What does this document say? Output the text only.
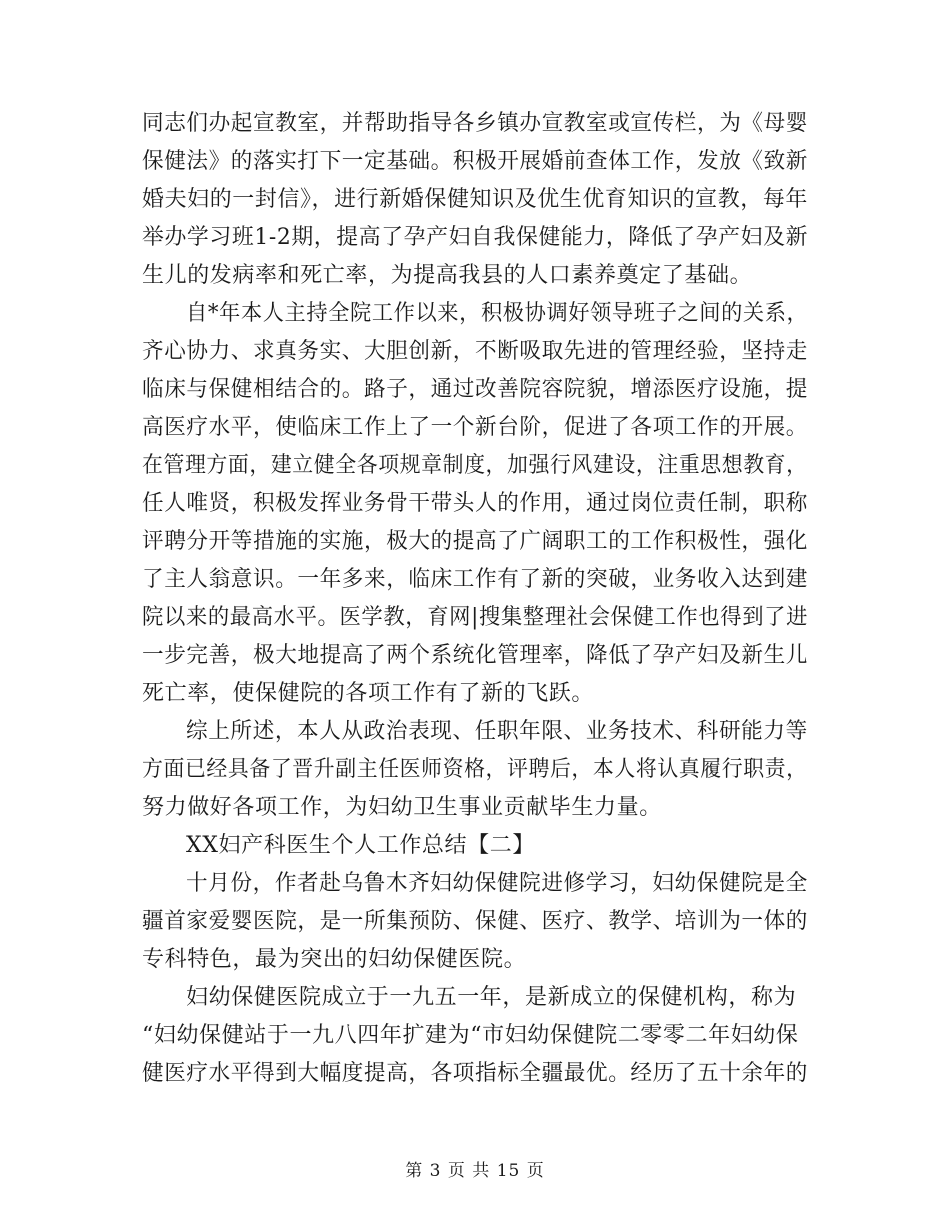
同志们办起宣教室，并帮助指导各乡镇办宣教室或宣传栏，为《母婴
保健法》的落实打下一定基础。积极开展婚前查体工作，发放《致新
婚夫妇的一封信》，进行新婚保健知识及优生优育知识的宣教，每年
举办学习班1-2期，提高了孕产妇自我保健能力，降低了孕产妇及新
生儿的发病率和死亡率，为提高我县的人口素养奠定了基础。
自*年本人主持全院工作以来，积极协调好领导班子之间的关系，
齐心协力、求真务实、大胆创新，不断吸取先进的管理经验，坚持走
临床与保健相结合的。路子，通过改善院容院貌，增添医疗设施，提
高医疗水平，使临床工作上了一个新台阶，促进了各项工作的开展。
在管理方面，建立健全各项规章制度，加强行风建设，注重思想教育，
任人唯贤，积极发挥业务骨干带头人的作用，通过岗位责任制，职称
评聘分开等措施的实施，极大的提高了广阔职工的工作积极性，强化
了主人翁意识。一年多来，临床工作有了新的突破，业务收入达到建
院以来的最高水平。医学教，育网|搜集整理社会保健工作也得到了进
一步完善，极大地提高了两个系统化管理率，降低了孕产妇及新生儿
死亡率，使保健院的各项工作有了新的飞跃。
综上所述，本人从政治表现、任职年限、业务技术、科研能力等
方面已经具备了晋升副主任医师资格，评聘后，本人将认真履行职责，
努力做好各项工作，为妇幼卫生事业贡献毕生力量。
XX妇产科医生个人工作总结【二】
十月份，作者赴乌鲁木齐妇幼保健院进修学习，妇幼保健院是全
疆首家爱婴医院，是一所集预防、保健、医疗、教学、培训为一体的
专科特色，最为突出的妇幼保健医院。
妇幼保健医院成立于一九五一年，是新成立的保健机构，称为
“妇幼保健站于一九八四年扩建为“市妇幼保健院二零零二年妇幼保
健医疗水平得到大幅度提高，各项指标全疆最优。经历了五十余年的
第 3 页 共 15 页
